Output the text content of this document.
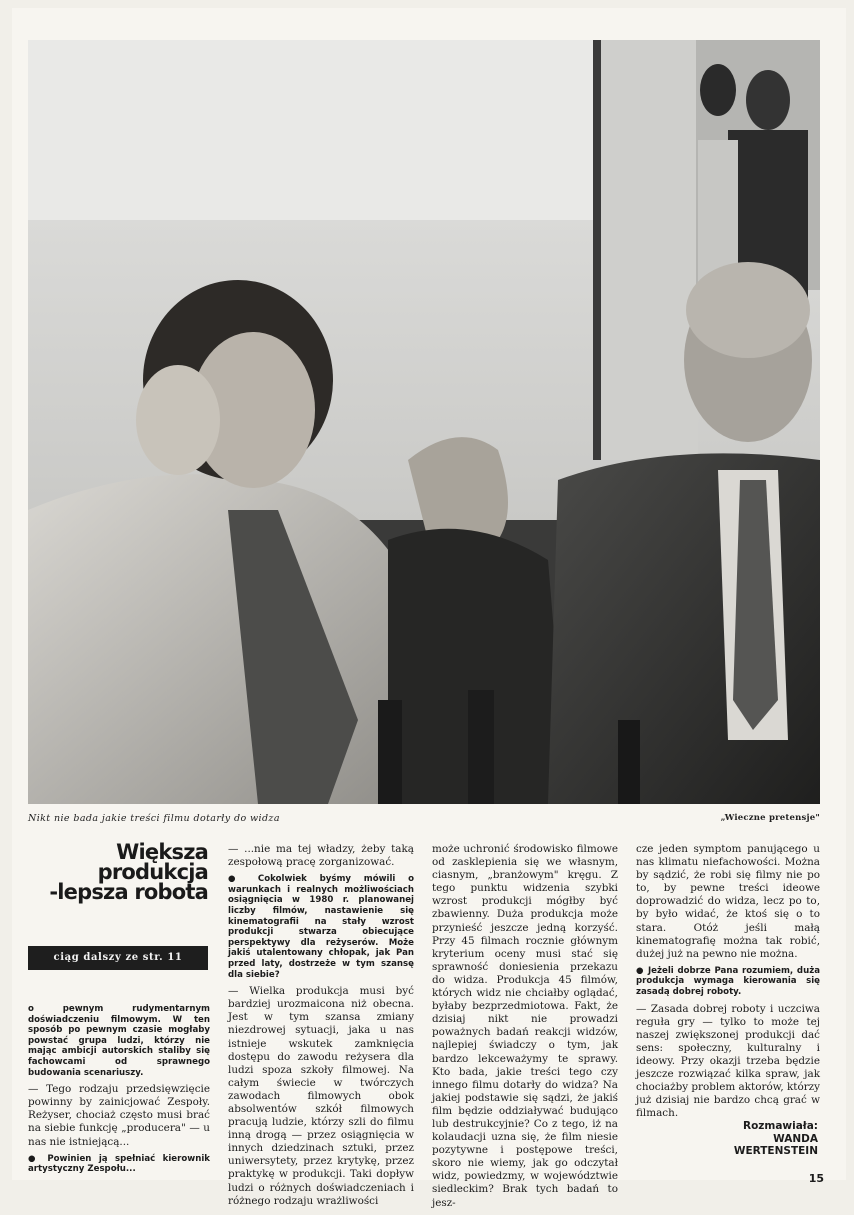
Nikt nie bada jakie treści filmu dotarły do widza	„Wieczne pretensje"
Większa
produkcja
-lepsza robota
ciąg dalszy ze str. 11

o pewnym rudymentarnym doświadczeniu filmowym. W ten sposób po pewnym czasie mogłaby powstać grupa ludzi, którzy nie mając ambicji autorskich staliby się fachowcami od sprawnego budowania scenariuszy.

— Tego rodzaju przedsięwzięcie powinny by zainicjować Zespoły. Reżyser, chociaż często musi brać na siebie funkcję „producera" — u nas nie istniejącą...

● Powinien ją spełniać kierownik artystyczny Zespołu...

— ...nie ma tej władzy, żeby taką zespołową pracę zorganizować.

● Cokolwiek byśmy mówili o warunkach i realnych możliwościach osiągnięcia w 1980 r. planowanej liczby filmów, nastawienie się kinematografii na stały wzrost produkcji stwarza obiecujące perspektywy dla reżyserów. Może jakiś utalentowany chłopak, jak Pan przed laty, dostrzeże w tym szansę dla siebie?

— Wielka produkcja musi być bardziej urozmaicona niż obecna. Jest w tym szansa zmiany niezdrowej sytuacji, jaka u nas istnieje wskutek zamknięcia dostępu do zawodu reżysera dla ludzi spoza szkoły filmowej. Na całym świecie w twórczych zawodach filmowych obok absolwentów szkół filmowych pracują ludzie, którzy szli do filmu inną drogą — przez osiągnięcia w innych dziedzinach sztuki, przez uniwersytety, przez krytykę, przez praktykę w produkcji. Taki dopływ ludzi o różnych doświadczeniach i różnego rodzaju wrażliwości

może uchronić środowisko filmowe od zasklepienia się we własnym, ciasnym, „branżowym" kręgu. Z tego punktu widzenia szybki wzrost produkcji mógłby być zbawienny. Duża produkcja może przynieść jeszcze jedną korzyść. Przy 45 filmach rocznie głównym kryterium oceny musi stać się sprawność doniesienia przekazu do widza. Produkcja 45 filmów, których widz nie chciałby oglądać, byłaby bezprzedmiotowa. Fakt, że dzisiaj nikt nie prowadzi poważnych badań reakcji widzów, najlepiej świadczy o tym, jak bardzo lekceważymy te sprawy. Kto bada, jakie treści tego czy innego filmu dotarły do widza? Na jakiej podstawie się sądzi, że jakiś film będzie oddziaływać budująco lub destrukcyjnie? Co z tego, iż na kolaudacji uzna się, że film niesie pozytywne i postępowe treści, skoro nie wiemy, jak go odczytał widz, powiedzmy, w województwie siedleckim? Brak tych badań to jesz-

cze jeden symptom panującego u nas klimatu niefachowości. Można by sądzić, że robi się filmy nie po to, by pewne treści ideowe doprowadzić do widza, lecz po to, by było widać, że ktoś się o to stara. Otóż jeśli małą kinematografię można tak robić, dużej już na pewno nie można.

● Jeżeli dobrze Pana rozumiem, duża produkcja wymaga kierowania się zasadą dobrej roboty.

— Zasada dobrej roboty i uczciwa reguła gry — tylko to może tej naszej zwiększonej produkcji dać sens: społeczny, kulturalny i ideowy. Przy okazji trzeba będzie jeszcze rozwiązać kilka spraw, jak chociażby problem aktorów, którzy już dzisiaj nie bardzo chcą grać w filmach.

Rozmawiała:
WANDA
WERTENSTEIN
15
